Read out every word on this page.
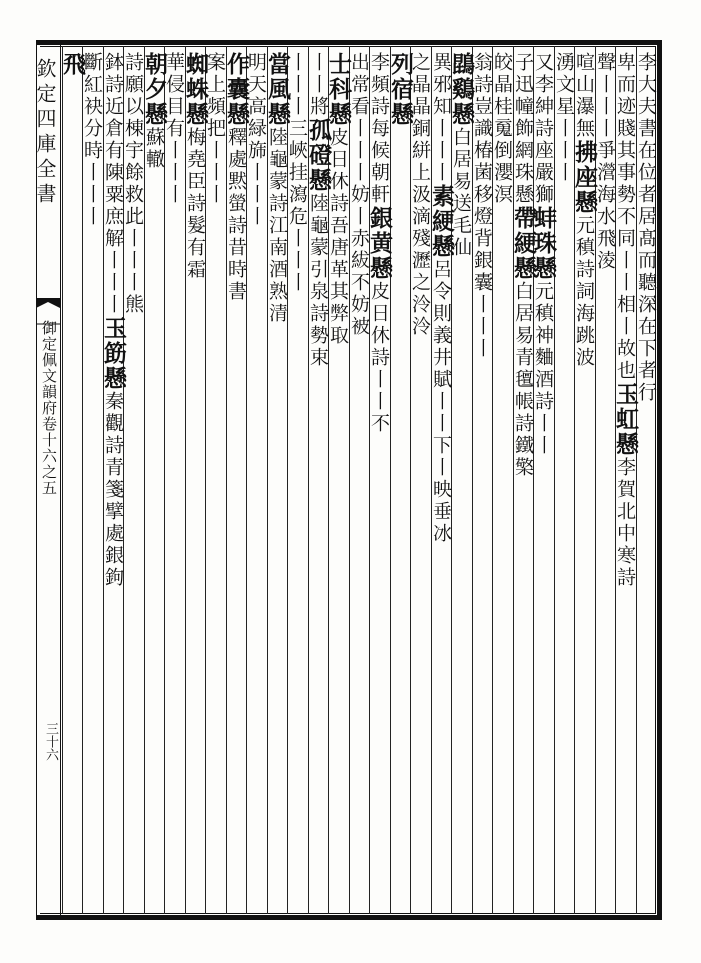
欽定四庫全書
御定佩文韻府卷十六之五
三十六
李大夫書在位者居髙而聽深在下者行
卑而迹賤其事勢不同丨丨相丨故也玉虹懸李賀北中寒詩
聲丨丨丨爭瀯海水飛淩
喧山瀑無拂座懸元稹詩詞海跳波
湧文星丨丨丨
又李紳詩座嚴獅蚌珠懸元稹神麯酒詩丨丨
子迅幢飾網珠懸帶綆懸白居易青氊帳詩鐵檠
皎晶桂䰟倒瀴溟
翁詩豈識椿菌移燈背銀囊丨丨丨
鵾鷄懸白居易送毛仙
異邪知丨丨丨素綆懸呂令則義井賦丨丨下丨映垂冰
之晶晶銅絣上汲滴殘瀝之泠泠
列宿懸
李頻詩每候朝軒銀黄懸皮日休詩丨丨不
出常看丨丨丨妨丨赤紱不妨被
士科懸皮日休詩吾唐革其弊取
丨丨將孤磴懸陸龜蒙引泉詩勢束
丨丨丨三峽挂瀉危丨丨丨
當風懸陸龜蒙詩江南酒熟清
明天高緑旆丨丨丨
作囊懸釋處黙螢詩昔時書
案上頻把丨丨丨
蜘蛛懸梅堯臣詩髮有霜
華侵目有丨丨丨
朝夕懸蘇轍
詩願以棟宇餘救此丨丨丨熊
鉢詩近倉有陳粟庶解丨丨丨玉筯懸秦觀詩青箋擘處銀鉤
斷紅袂分時丨丨丨
飛
